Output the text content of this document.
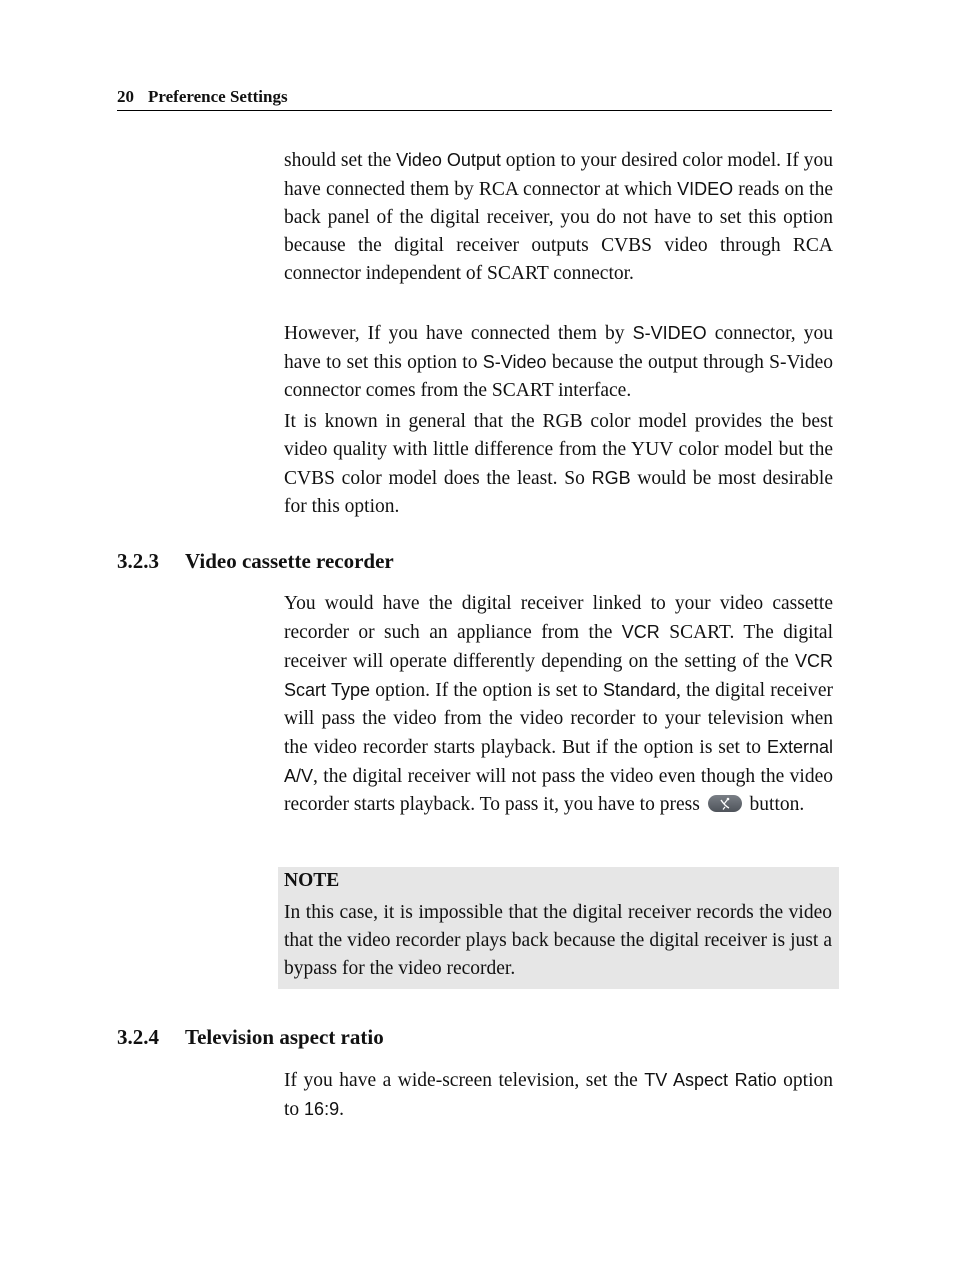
20 Preference Settings

should set the Video Output option to your desired color model. If you have connected them by RCA connector at which VIDEO reads on the back panel of the digital receiver, you do not have to set this option because the digital receiver outputs CVBS video through RCA connector independent of SCART connector.

However, If you have connected them by S-VIDEO connector, you have to set this option to S-Video because the output through S-Video connector comes from the SCART interface.

It is known in general that the RGB color model provides the best video quality with little difference from the YUV color model but the CVBS color model does the least. So RGB would be most desirable for this option.

3.2.3 Video cassette recorder

You would have the digital receiver linked to your video cassette recorder or such an appliance from the VCR SCART. The digital receiver will operate differently depending on the setting of the VCR Scart Type option. If the option is set to Standard, the digital receiver will pass the video from the video recorder to your television when the video recorder starts playback. But if the option is set to External A/V, the digital receiver will not pass the video even though the video recorder starts playback. To pass it, you have to press
button.

NOTE

In this case, it is impossible that the digital receiver records the video that the video recorder plays back because the digital receiver is just a bypass for the video recorder.

3.2.4 Television aspect ratio

If you have a wide-screen television, set the TV Aspect Ratio option to 16:9.
